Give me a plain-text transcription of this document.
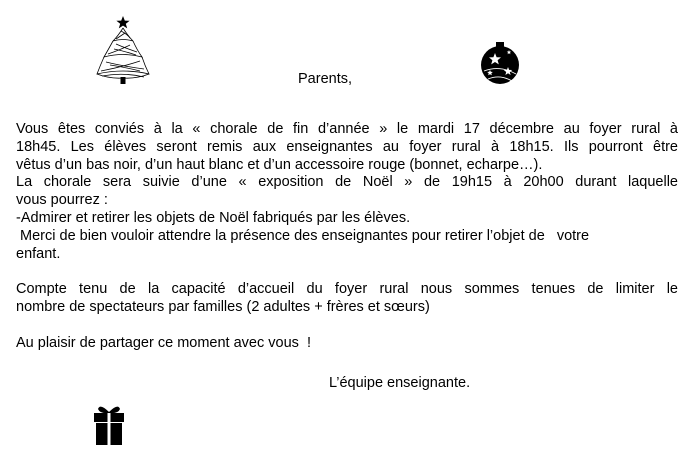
Parents,

Vous êtes conviés à la « chorale de fin d’année » le mardi 17 décembre au foyer rural à

18h45. Les élèves seront remis aux enseignantes au foyer rural à 18h15. Ils pourront être

vêtus d’un bas noir, d’un haut blanc et d’un accessoire rouge (bonnet, echarpe…).

La chorale sera suivie d’une « exposition de Noël » de 19h15 à 20h00 durant laquelle

vous pourrez :

-Admirer et retirer les objets de Noël fabriqués par les élèves.

Merci de bien vouloir attendre la présence des enseignantes pour retirer l’objet de   votre

enfant.

Compte tenu de la capacité d’accueil du foyer rural nous sommes tenues de limiter le

nombre de spectateurs par familles (2 adultes + frères et sœurs)

Au plaisir de partager ce moment avec vous  !

L’équipe enseignante.
